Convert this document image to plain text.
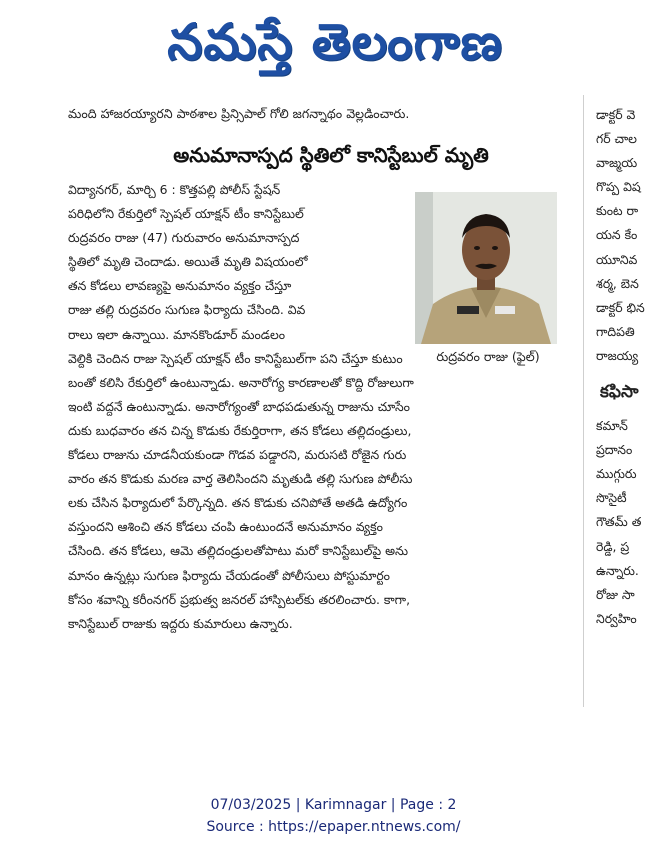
నమస్తే తెలంగాణ
మంది హాజరయ్యారని పాఠశాల ప్రిన్సిపాల్ గోలి జగన్నాథం వెల్లడించారు.
అనుమానాస్పద స్థితిలో కానిస్టేబుల్ మృతి
విద్యానగర్, మార్చి 6 : కొత్తపల్లి పోలీస్ స్టేషన్
పరిధిలోని రేకుర్తిలో స్పెషల్ యాక్షన్ టీం కానిస్టేబుల్
రుద్రవరం రాజు (47) గురువారం అనుమానాస్పద
స్థితిలో మృతి చెందాడు. అయితే మృతి విషయంలో
తన కోడలు లావణ్యపై అనుమానం వ్యక్తం చేస్తూ
రాజు తల్లి రుద్రవరం సుగుణ ఫిర్యాదు చేసింది. వివ
రాలు ఇలా ఉన్నాయి. మానకొండూర్ మండలం
వెల్దికి చెందిన రాజు స్పెషల్ యాక్షన్ టీం కానిస్టేబుల్‌గా పని చేస్తూ కుటుం
బంతో కలిసి రేకుర్తిలో ఉంటున్నాడు. అనారోగ్య కారణాలతో కొద్ది రోజులుగా
ఇంటి వద్దనే ఉంటున్నాడు. అనారోగ్యంతో బాధపడుతున్న రాజును చూసేం
దుకు బుధవారం తన చిన్న కొడుకు రేకుర్తిరాగా, తన కోడలు తల్లిదండ్రులు,
కోడలు రాజును చూడనీయకుండా గొడవ పడ్డారని, మరుసటి రోజైన గురు
వారం తన కొడుకు మరణ వార్త తెలిసిందని మృతుడి తల్లి సుగుణ పోలీసు
లకు చేసిన ఫిర్యాదులో పేర్కొన్నది. తన కొడుకు చనిపోతే అతడి ఉద్యోగం
వస్తుందని ఆశించి తన కోడలు చంపి ఉంటుందనే అనుమానం వ్యక్తం
చేసింది. తన కోడలు, ఆమె తల్లిదండ్రులతోపాటు మరో కానిస్టేబుల్‌పై అను
మానం ఉన్నట్లు సుగుణ ఫిర్యాదు చేయడంతో పోలీసులు పోస్టుమార్టం
కోసం శవాన్ని కరీంనగర్ ప్రభుత్వ జనరల్ హాస్పిటల్‌కు తరలించారు. కాగా,
కానిస్టేబుల్ రాజుకు ఇద్దరు కుమారులు ఉన్నారు.
రుద్రవరం రాజు (ఫైల్)
డాక్టర్ వె
గర్ చాల
వాజ్మయ
గొప్ప విష
కుంట రా
యన కేం
యూనివ
శర్మ, బెన
డాక్టర్ భిన
గాదిపతి
రాజయ్య
కఫిసా
కమాన్
ప్రదానం
ముగ్గురు
సొసైటీ
గౌతమ్ త
రెడ్డి, ప్ర
ఉన్నారు.
రోజు సా
నిర్వహిం
07/03/2025 | Karimnagar | Page : 2
Source : https://epaper.ntnews.com/
